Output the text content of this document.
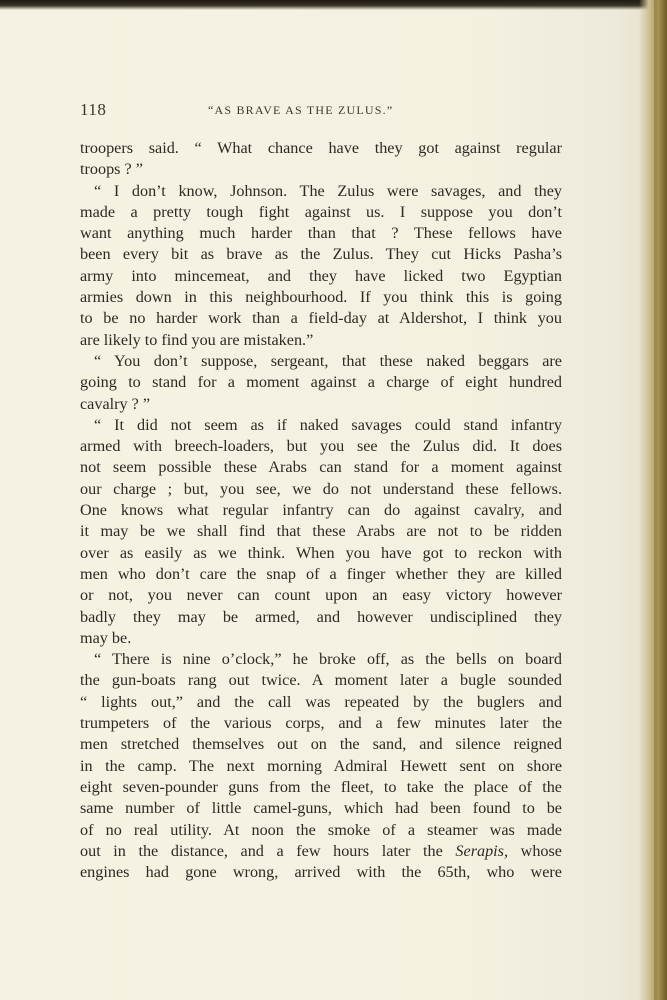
118	“AS BRAVE AS THE ZULUS.”
troopers said. “ What chance have they got against regular
troops ? ”
“ I don’t know, Johnson. The Zulus were savages, and they
made a pretty tough fight against us. I suppose you don’t
want anything much harder than that ? These fellows have
been every bit as brave as the Zulus. They cut Hicks Pasha’s
army into mincemeat, and they have licked two Egyptian
armies down in this neighbourhood. If you think this is going
to be no harder work than a field-day at Aldershot, I think you
are likely to find you are mistaken.”
“ You don’t suppose, sergeant, that these naked beggars are
going to stand for a moment against a charge of eight hundred
cavalry ? ”
“ It did not seem as if naked savages could stand infantry
armed with breech-loaders, but you see the Zulus did. It does
not seem possible these Arabs can stand for a moment against
our charge ; but, you see, we do not understand these fellows.
One knows what regular infantry can do against cavalry, and
it may be we shall find that these Arabs are not to be ridden
over as easily as we think. When you have got to reckon with
men who don’t care the snap of a finger whether they are killed
or not, you never can count upon an easy victory however
badly they may be armed, and however undisciplined they
may be.
“ There is nine o’clock,” he broke off, as the bells on board
the gun-boats rang out twice. A moment later a bugle sounded
“ lights out,” and the call was repeated by the buglers and
trumpeters of the various corps, and a few minutes later the
men stretched themselves out on the sand, and silence reigned
in the camp. The next morning Admiral Hewett sent on shore
eight seven-pounder guns from the fleet, to take the place of the
same number of little camel-guns, which had been found to be
of no real utility. At noon the smoke of a steamer was made
out in the distance, and a few hours later the Serapis, whose
engines had gone wrong, arrived with the 65th, who were
